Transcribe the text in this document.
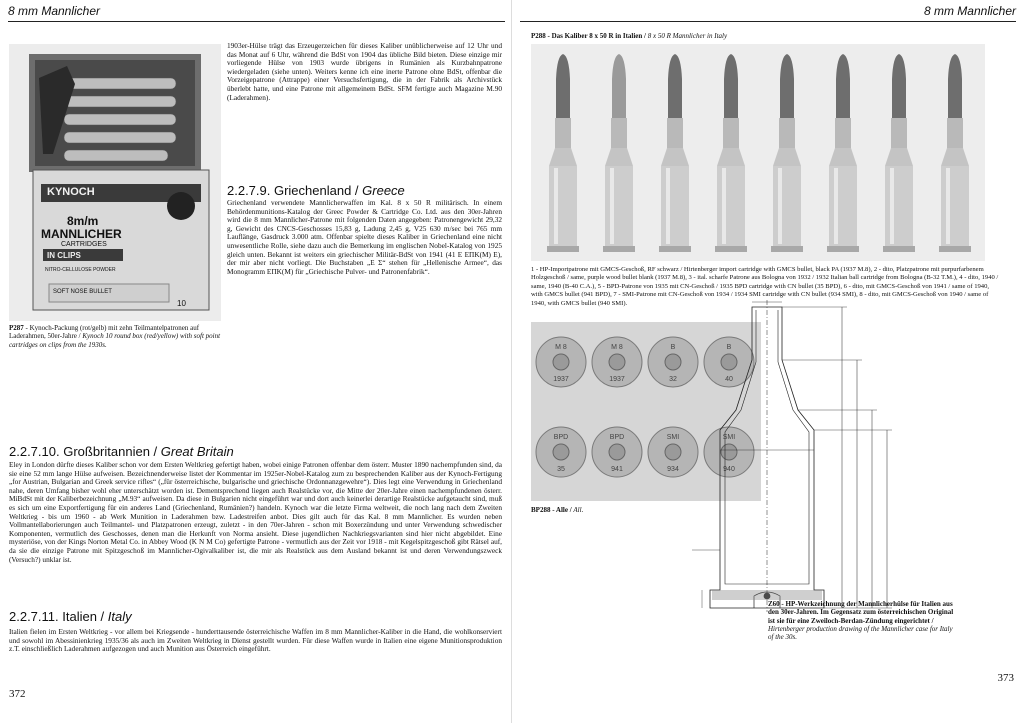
8 mm Mannlicher
KYNOCH
8m/m
MANNLICHER
CARTRIDGES
IN CLIPS
NITRO-CELLULOSE POWDER
SOFT NOSE BULLET
10
P287 - Kynoch-Packung (rot/gelb) mit zehn Teilmantelpatronen auf Laderahmen, 50er-Jahre / Kynoch 10 round box (red/yellow) with soft point cartridges on clips from the 1930s.
1903er-Hülse trägt das Erzeugerzeichen für dieses Kaliber unüblicherweise auf 12 Uhr und das Monat auf 6 Uhr, während die BdSt von 1904 das übliche Bild bieten. Diese einzige mir vorliegende Hülse von 1903 wurde übrigens in Rumänien als Kurzbahnpatrone wiedergeladen (siehe unten). Weiters kenne ich eine inerte Patrone ohne BdSt, offenbar die Vorzeigepatrone (Attrappe) einer Versuchsfertigung, die in der Fabrik als Archivstück überlebt hatte, und eine Patrone mit allgemeinem BdSt. SFM fertigte auch Magazine M.90 (Laderahmen).
2.2.7.9. Griechenland / Greece
Griechenland verwendete Mannlicherwaffen im Kal. 8 x 50 R militärisch. In einem Behördenmunitions-Katalog der Greec Powder & Cartridge Co. Ltd. aus den 30er-Jahren wird die 8 mm Mannlicher-Patrone mit folgenden Daten angegeben: Patronengewicht 29,32 g, Gewicht des CNCS-Geschosses 15,83 g, Ladung 2,45 g, V25 630 m/sec bei 765 mm Lauflänge, Gasdruck 3.000 atm. Offenbar spielte dieses Kaliber in Griechenland eine nicht unwesentliche Rolle, siehe dazu auch die Bemerkung im englischen Nobel-Katalog von 1925 gleich unten. Bekannt ist weiters ein griechischer Militär-BdSt von 1941 (41 E EΠK(M) E), der mir aber nicht vorliegt. Die Buchstaben „E Σ“ stehen für „Hellenische Armee“, das Monogramm EΠK(M) für „Griechische Pulver- und Patronenfabrik“.
2.2.7.10. Großbritannien / Great Britain
Eley in London dürfte dieses Kaliber schon vor dem Ersten Weltkrieg gefertigt haben, wobei einige Patronen offenbar dem österr. Muster 1890 nachempfunden sind, da sie eine 52 mm lange Hülse aufweisen. Bezeichnenderweise listet der Kommentar im 1925er-Nobel-Katalog zum zu besprechenden Kaliber aus der Kynoch-Fertigung „for Austrian, Bulgarian and Greek service rifles“ („für österreichische, bulgarische und griechische Ordonnanzgewehre“). Dies legt eine Verwendung in Griechenland nahe, deren Umfang bisher wohl eher unterschätzt worden ist. Dementsprechend liegen auch Realstücke vor, die Mitte der 20er-Jahre einen nachempfundenen österr. MiBdSt mit der Kaliberbezeichnung „M.93“ aufweisen. Da diese in Bulgarien nicht eingeführt war und dort auch keinerlei derartige Realstücke aufgetaucht sind, muß es sich um eine Exportfertigung für ein anderes Land (Griechenland, Rumänien?) handeln. Kynoch war die letzte Firma weltweit, die noch lang nach dem Zweiten Weltkrieg - bis um 1960 - ab Werk Munition in Laderahmen bzw. Ladestreifen anbot. Dies gilt auch für das Kal. 8 mm Mannlicher. Es wurden neben Vollmantellaborierungen auch Teilmantel- und Platzpatronen erzeugt, zuletzt - in den 70er-Jahren - schon mit Boxerzündung und unter Verwendung schwedischer Komponenten, vermutlich des Geschosses, denen man die Herkunft von Norma ansieht. Diese jugendlichen Nachkriegsvarianten sind hier nicht abgebildet. Eine mysteriöse, von der Kings Norton Metal Co. in Abbey Wood (K N M Co) gefertigte Patrone - vermutlich aus der Zeit vor 1918 - mit Kegelspitzgeschoß gibt Rätsel auf, da sie die einzige Patrone mit Spitzgeschoß im Mannlicher-Ogivalkaliber ist, die mir als Realstück aus dem Ausland bekannt ist und deren Verwendungszweck (Versuch?) unklar ist.
2.2.7.11. Italien / Italy
Italien fielen im Ersten Weltkrieg - vor allem bei Kriegsende - hunderttausende österreichische Waffen im 8 mm Mannlicher-Kaliber in die Hand, die wohlkonserviert und sowohl im Abessinienkrieg 1935/36 als auch im Zweiten Weltkrieg in Dienst gestellt wurden. Für diese Waffen wurde in Italien eine eigene Munitionsproduktion z.T. einschließlich Laderahmen aufgezogen und auch Munition aus Österreich eingeführt.
372
8 mm Mannlicher
P288 - Das Kaliber 8 x 50 R in Italien / 8 x 50 R Mannlicher in Italy
1 - HP-Importpatrone mit GMCS-Geschoß, RF schwarz / Hirtenberger import cartridge with GMCS bullet, black PA (1937 M.8), 2 - dito, Platzpatrone mit purpurfarbenem Holzgeschoß / same, purple wood bullet blank (1937 M.8), 3 - ital. scharfe Patrone aus Bologna von 1932 / 1932 Italian ball cartridge from Bologna (B-32 T.M.), 4 - dito, 1940 / same, 1940 (B-40 C.A.), 5 - BPD-Patrone von 1935 mit CN-Geschoß / 1935 BPD cartridge with CN bullet (35 BPD), 6 - dito, mit GMCS-Geschoß von 1941 / same of 1940, with GMCS bullet (941 BPD), 7 - SMI-Patrone mit CN-Geschoß von 1934 / 1934 SMI cartridge with CN bullet (934 SMI), 8 - dito, mit GMCS-Geschoß von 1940 / same of 1940, with GMCS bullet (940 SMI).
M 8
1937
M 8
1937
B
32
B
40
BPD
35
BPD
941
SMI
934
SMI
940
BP288 - Alle / All.
Z60 - HP-Werkzeichnung der Mannlicherhülse für Italien aus den 30er-Jahren. Im Gegensatz zum österreichischen Original ist sie für eine Zweiloch-Berdan-Zündung eingerichtet / Hirtenberger production drawing of the Mannlicher case for Italy of the 30s.
373
